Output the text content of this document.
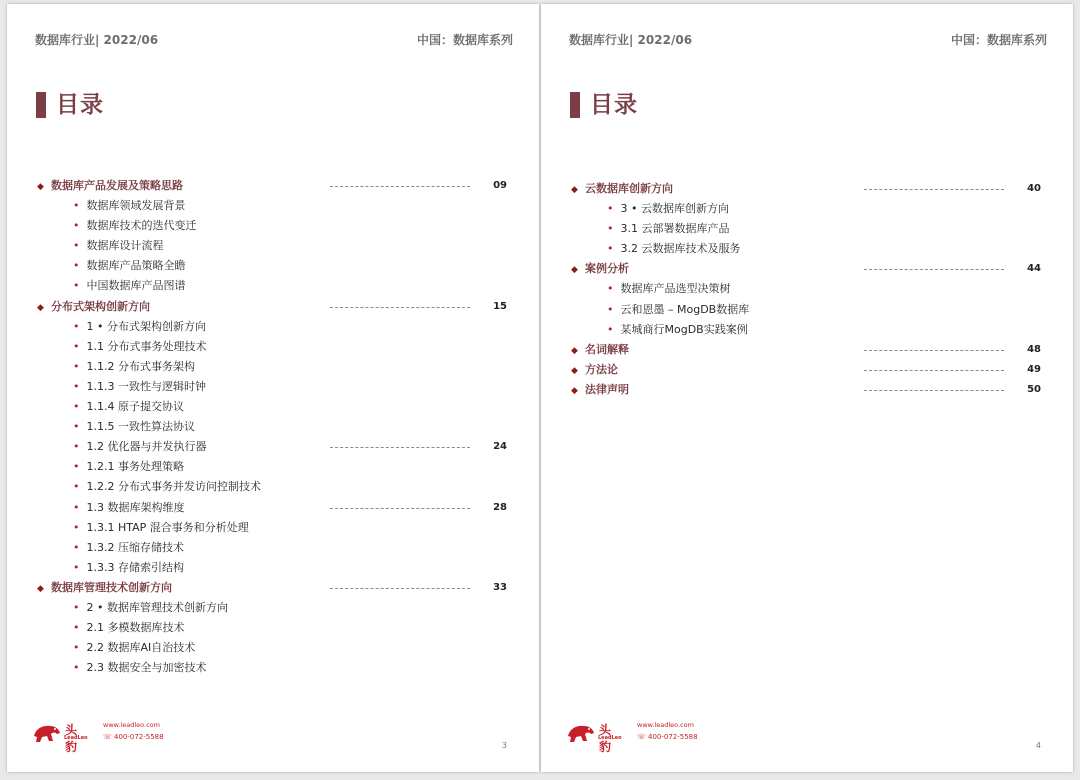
数据库行业| 2022/06	中国：数据库系列
目录
◆ 数据库产品发展及策略思路	09
• 数据库领域发展背景
• 数据库技术的迭代变迁
• 数据库设计流程
• 数据库产品策略全瞻
• 中国数据库产品图谱
◆ 分布式架构创新方向	15
• 1 • 分布式架构创新方向
• 1.1 分布式事务处理技术
• 1.1.2 分布式事务架构
• 1.1.3 一致性与逻辑时钟
• 1.1.4 原子提交协议
• 1.1.5 一致性算法协议
• 1.2 优化器与并发执行器	24
• 1.2.1 事务处理策略
• 1.2.2 分布式事务并发访问控制技术
• 1.3 数据库架构维度	28
• 1.3.1 HTAP 混合事务和分析处理
• 1.3.2 压缩存储技术
• 1.3.3 存储索引结构
◆ 数据库管理技术创新方向	33
• 2 • 数据库管理技术创新方向
• 2.1 多模数据库技术
• 2.2 数据库AI自治技术
• 2.3 数据安全与加密技术
头豹
LeadLeo
www.leadleo.com
☏ 400-072-5588
3
数据库行业| 2022/06	中国：数据库系列
目录
◆ 云数据库创新方向	40
• 3 • 云数据库创新方向
• 3.1 云部署数据库产品
• 3.2 云数据库技术及服务
◆ 案例分析	44
• 数据库产品选型决策树
• 云和恩墨 – MogDB数据库
• 某城商行MogDB实践案例
◆ 名词解释	48
◆ 方法论	49
◆ 法律声明	50
头豹
LeadLeo
www.leadleo.com
☏ 400-072-5588
4
